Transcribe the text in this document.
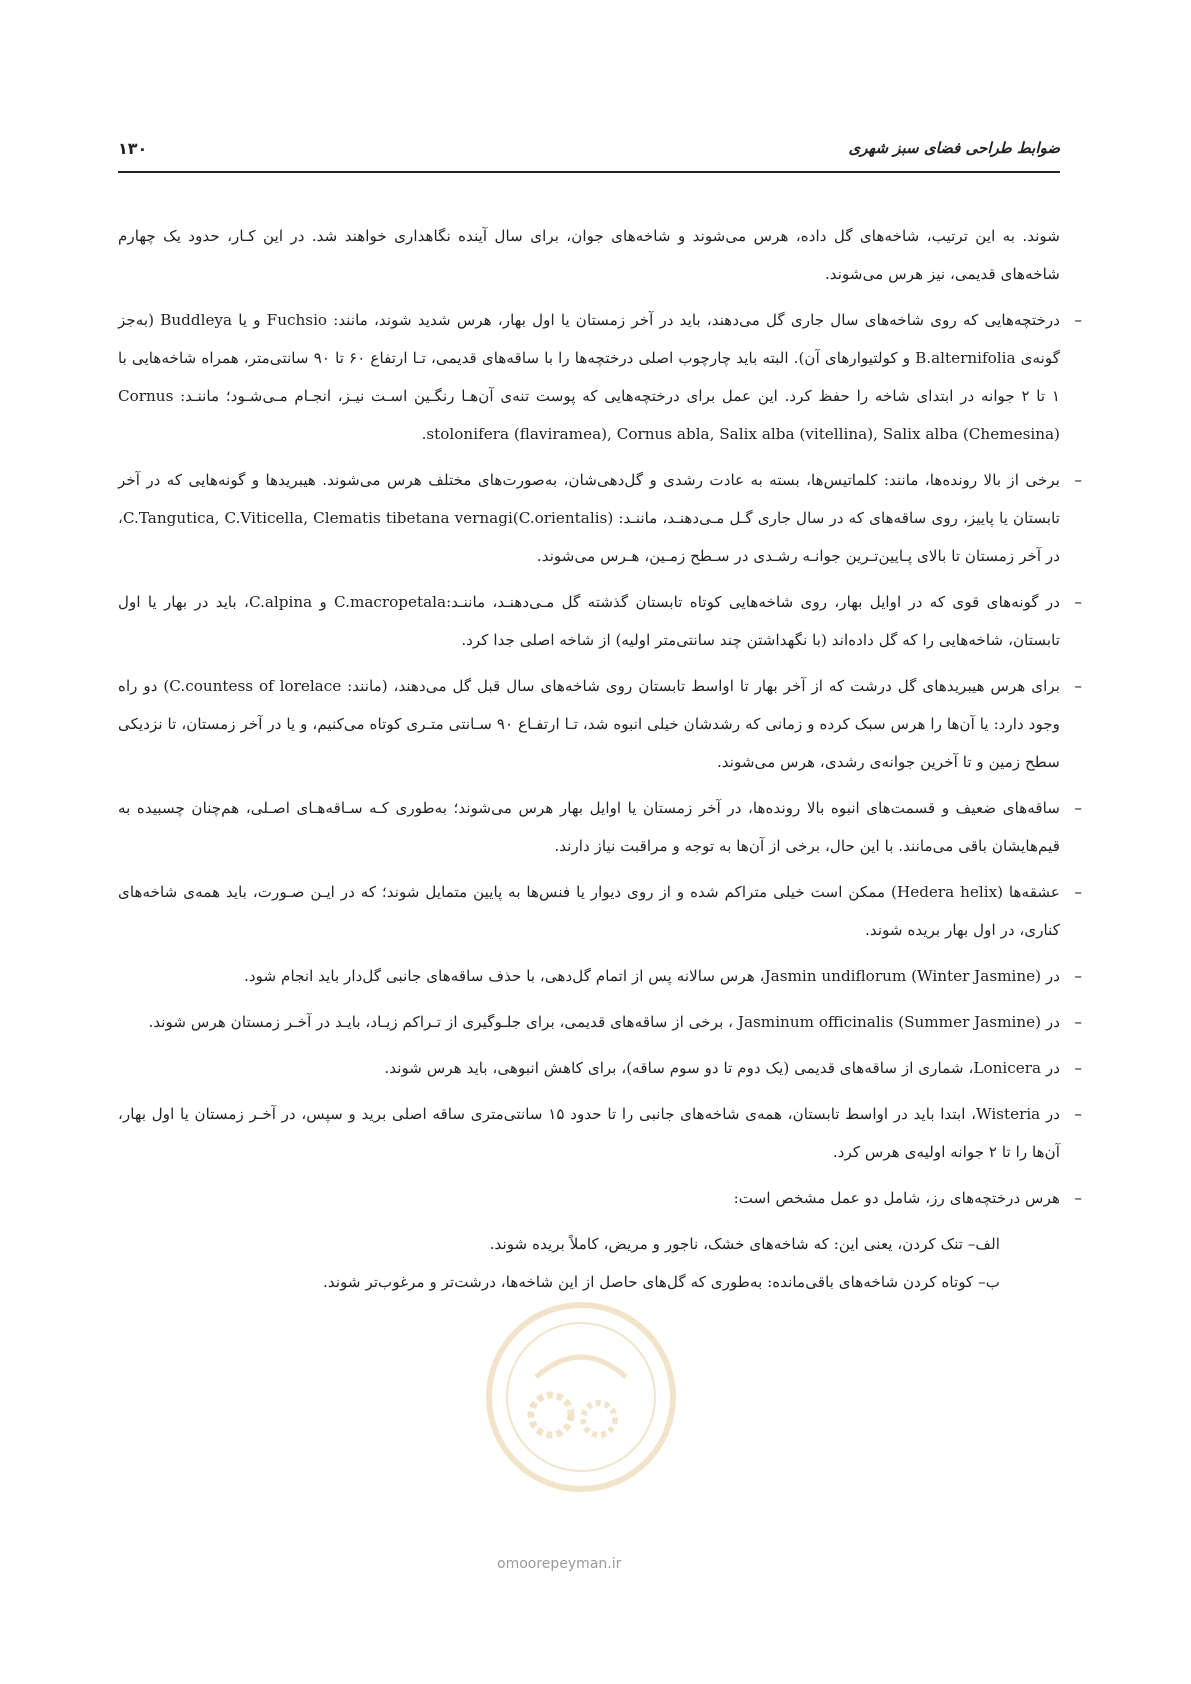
ضوابط طراحی فضای سبز شهری
۱۳۰

شوند. به این ترتیب، شاخه‌های گل داده، هرس می‌شوند و شاخه‌های جوان، برای سال آینده نگاهداری خواهند شد. در این کـار، حدود یک چهارم شاخه‌های قدیمی، نیز هرس می‌شوند.

–
درختچه‌هایی که روی شاخه‌های سال جاری گل می‌دهند، باید در آخر زمستان یا اول بهار، هرس شدید شوند، مانند: Fuchsio و یا Buddleya (به‌جز گونه‌ی B.alternifolia و کولتیوارهای آن). البته باید چارچوب اصلی درختچه‌ها را با ساقه‌های قدیمی، تـا ارتفاع ۶۰ تا ۹۰ سانتی‌متر، همراه شاخه‌هایی با ۱ تا ۲ جوانه در ابتدای شاخه را حفظ کرد. این عمل برای درختچه‌هایی که پوست تنه‌ی آن‌هـا رنگـین اسـت نیـز، انجـام مـی‌شـود؛ ماننـد: Cornus stolonifera (flaviramea), Cornus abla, Salix alba (vitellina), Salix alba (Chemesina).
–
برخی از بالا رونده‌ها، مانند: کلماتیس‌ها، بسته به عادت رشدی و گل‌دهی‌شان، به‌صورت‌های مختلف هرس می‌شوند. هیبریدها و گونه‌هایی که در آخر تابستان یا پاییز، روی ساقه‌های که در سال جاری گـل مـی‌دهنـد، ماننـد: C.Tangutica, C.Viticella, Clematis tibetana vernagi(C.orientalis)، در آخر زمستان تا بالای پـایین‌تـرین جوانـه رشـدی در سـطح زمـین، هـرس می‌شوند.
–
در گونه‌های قوی که در اوایل بهار، روی شاخه‌هایی کوتاه تابستان گذشته گل مـی‌دهنـد، ماننـد:C.macropetala و C.alpina، باید در بهار یا اول تابستان، شاخه‌هایی را که گل داده‌اند (با نگهداشتن چند سانتی‌متر اولیه) از شاخه اصلی جدا کرد.
–
برای هرس هیبریدهای گل درشت که از آخر بهار تا اواسط تابستان روی شاخه‌های سال قبل گل می‌دهند، (مانند: C.countess of lorelace) دو راه وجود دارد: یا آن‌ها را هرس سبک کرده و زمانی که رشدشان خیلی انبوه شد، تـا ارتفـاع ۹۰ سـانتی متـری کوتاه می‌کنیم، و یا در آخر زمستان، تا نزدیکی سطح زمین و تا آخرین جوانه‌ی رشدی، هرس می‌شوند.
–
ساقه‌های ضعیف و قسمت‌های انبوه بالا رونده‌ها، در آخر زمستان یا اوایل بهار هرس می‌شوند؛ به‌طوری کـه سـاقه‌هـای اصـلی، هم‌چنان چسبیده به قیم‌هایشان باقی می‌مانند. با این حال، برخی از آن‌ها به توجه و مراقبت نیاز دارند.
–
عشقه‌ها (Hedera helix) ممکن است خیلی متراکم شده و از روی دیوار یا فنس‌ها به پایین متمایل شوند؛ که در ایـن صـورت، باید همه‌ی شاخه‌های کناری، در اول بهار بریده شوند.
–
در (Jasmin undiflorum (Winter Jasmine، هرس سالانه پس از اتمام گل‌دهی، با حذف ساقه‌های جانبی گل‌دار باید انجام شود.
–
در (Jasminum officinalis (Summer Jasmine ، برخی از ساقه‌های قدیمی، برای جلـوگیری از تـراکم زیـاد، بایـد در آخـر زمستان هرس شوند.
–
در Lonicera، شماری از ساقه‌های قدیمی (یک دوم تا دو سوم ساقه)، برای کاهش انبوهی، باید هرس شوند.
–
در Wisteria، ابتدا باید در اواسط تابستان، همه‌ی شاخه‌های جانبی را تا حدود ۱۵ سانتی‌متری ساقه اصلی برید و سپس، در آخـر زمستان یا اول بهار، آن‌ها را تا ۲ جوانه اولیه‌ی هرس کرد.
–
هرس درختچه‌های رز، شامل دو عمل مشخص است:

الف– تنک کردن، یعنی این: که شاخه‌های خشک، ناجور و مریض، کاملاً بریده شوند.

ب– کوتاه کردن شاخه‌های باقی‌مانده: به‌طوری که گل‌های حاصل از این شاخه‌ها، درشت‌تر و مرغوب‌تر شوند.

omoorepeyman.ir
